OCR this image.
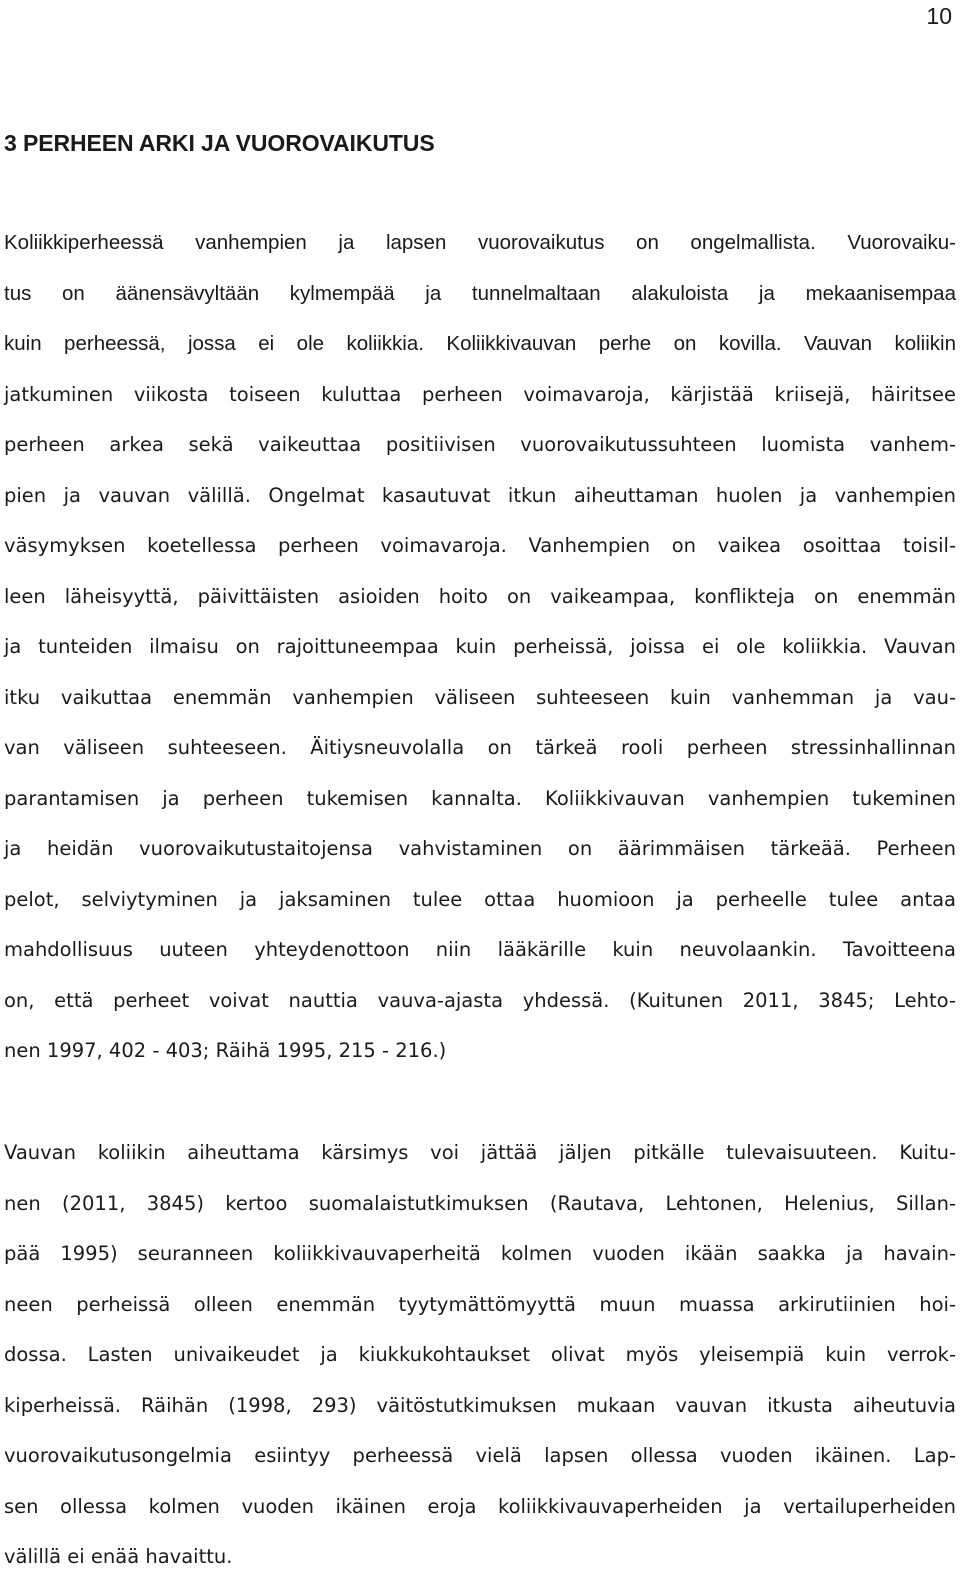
10
3 PERHEEN ARKI JA VUOROVAIKUTUS
Koliikkiperheessä vanhempien ja lapsen vuorovaikutus on ongelmallista. Vuorovaiku-
tus on äänensävyltään kylmempää ja tunnelmaltaan alakuloista ja mekaanisempaa
kuin perheessä, jossa ei ole koliikkia. Koliikkivauvan perhe on kovilla. Vauvan koliikin
jatkuminen viikosta toiseen kuluttaa perheen voimavaroja, kärjistää kriisejä, häiritsee
perheen arkea sekä vaikeuttaa positiivisen vuorovaikutussuhteen luomista vanhem-
pien ja vauvan välillä. Ongelmat kasautuvat itkun aiheuttaman huolen ja vanhempien
väsymyksen koetellessa perheen voimavaroja. Vanhempien on vaikea osoittaa toisil-
leen läheisyyttä, päivittäisten asioiden hoito on vaikeampaa, konflikteja on enemmän
ja tunteiden ilmaisu on rajoittuneempaa kuin perheissä, joissa ei ole koliikkia. Vauvan
itku vaikuttaa enemmän vanhempien väliseen suhteeseen kuin vanhemman ja vau-
van väliseen suhteeseen. Äitiysneuvolalla on tärkeä rooli perheen stressinhallinnan
parantamisen ja perheen tukemisen kannalta. Koliikkivauvan vanhempien tukeminen
ja heidän vuorovaikutustaitojensa vahvistaminen on äärimmäisen tärkeää. Perheen
pelot, selviytyminen ja jaksaminen tulee ottaa huomioon ja perheelle tulee antaa
mahdollisuus uuteen yhteydenottoon niin lääkärille kuin neuvolaankin. Tavoitteena
on, että perheet voivat nauttia vauva-ajasta yhdessä. (Kuitunen 2011, 3845; Lehto-
nen 1997, 402 - 403; Räihä 1995, 215 - 216.)
Vauvan koliikin aiheuttama kärsimys voi jättää jäljen pitkälle tulevaisuuteen. Kuitu-
nen (2011, 3845) kertoo suomalaistutkimuksen (Rautava, Lehtonen, Helenius, Sillan-
pää 1995) seuranneen koliikkivauvaperheitä kolmen vuoden ikään saakka ja havain-
neen perheissä olleen enemmän tyytymättömyyttä muun muassa arkirutiinien hoi-
dossa. Lasten univaikeudet ja kiukkukohtaukset olivat myös yleisempiä kuin verrok-
kiperheissä. Räihän (1998, 293) väitöstutkimuksen mukaan vauvan itkusta aiheutuvia
vuorovaikutusongelmia esiintyy perheessä vielä lapsen ollessa vuoden ikäinen. Lap-
sen ollessa kolmen vuoden ikäinen eroja koliikkivauvaperheiden ja vertailuperheiden
välillä ei enää havaittu.
